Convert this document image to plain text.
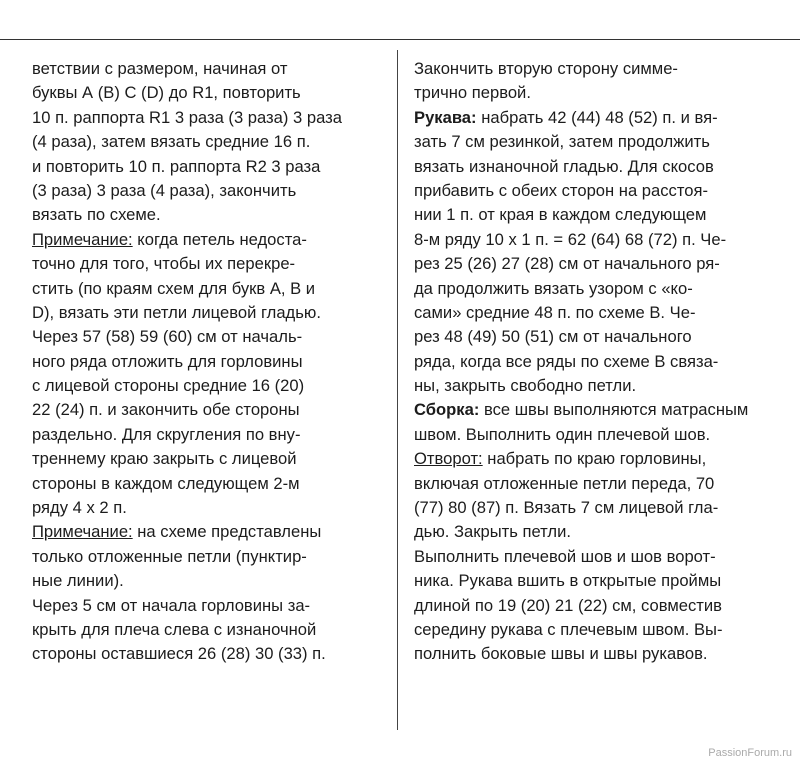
ветствии с размером, начиная от
буквы А (В) С (D) до R1, повторить
10 п. раппорта R1 3 раза (3 раза) 3 раза
(4 раза), затем вязать средние 16 п.
и повторить 10 п. раппорта R2 3 раза
(3 раза) 3 раза (4 раза), закончить
вязать по схеме.
Примечание: когда петель недоста-
точно для того, чтобы их перекре-
стить (по краям схем для букв А, В и
D), вязать эти петли лицевой гладью.
Через 57 (58) 59 (60) см от началь-
ного ряда отложить для горловины
с лицевой стороны средние 16 (20)
22 (24) п. и закончить обе стороны
раздельно. Для скругления по вну-
треннему краю закрыть с лицевой
стороны в каждом следующем 2-м
ряду 4 х 2 п.
Примечание: на схеме представлены
только отложенные петли (пунктир-
ные линии).
Через 5 см от начала горловины за-
крыть для плеча слева с изнаночной
стороны оставшиеся 26 (28) 30 (33) п.
Закончить вторую сторону симме-
трично первой.
Рукава: набрать 42 (44) 48 (52) п. и вя-
зать 7 см резинкой, затем продолжить
вязать изнаночной гладью. Для скосов
прибавить с обеих сторон на расстоя-
нии 1 п. от края в каждом следующем
8-м ряду 10 х 1 п. = 62 (64) 68 (72) п. Че-
рез 25 (26) 27 (28) см от начального ря-
да продолжить вязать узором с «ко-
сами» средние 48 п. по схеме В. Че-
рез 48 (49) 50 (51) см от начального
ряда, когда все ряды по схеме В связа-
ны, закрыть свободно петли.
Сборка: все швы выполняются матрасным
швом. Выполнить один плечевой шов.
Отворот: набрать по краю горловины,
включая отложенные петли переда, 70
(77) 80 (87) п. Вязать 7 см лицевой гла-
дью. Закрыть петли.
Выполнить плечевой шов и шов ворот-
ника. Рукава вшить в открытые проймы
длиной по 19 (20) 21 (22) см, совместив
середину рукава с плечевым швом. Вы-
полнить боковые швы и швы рукавов.
PassionForum.ru
